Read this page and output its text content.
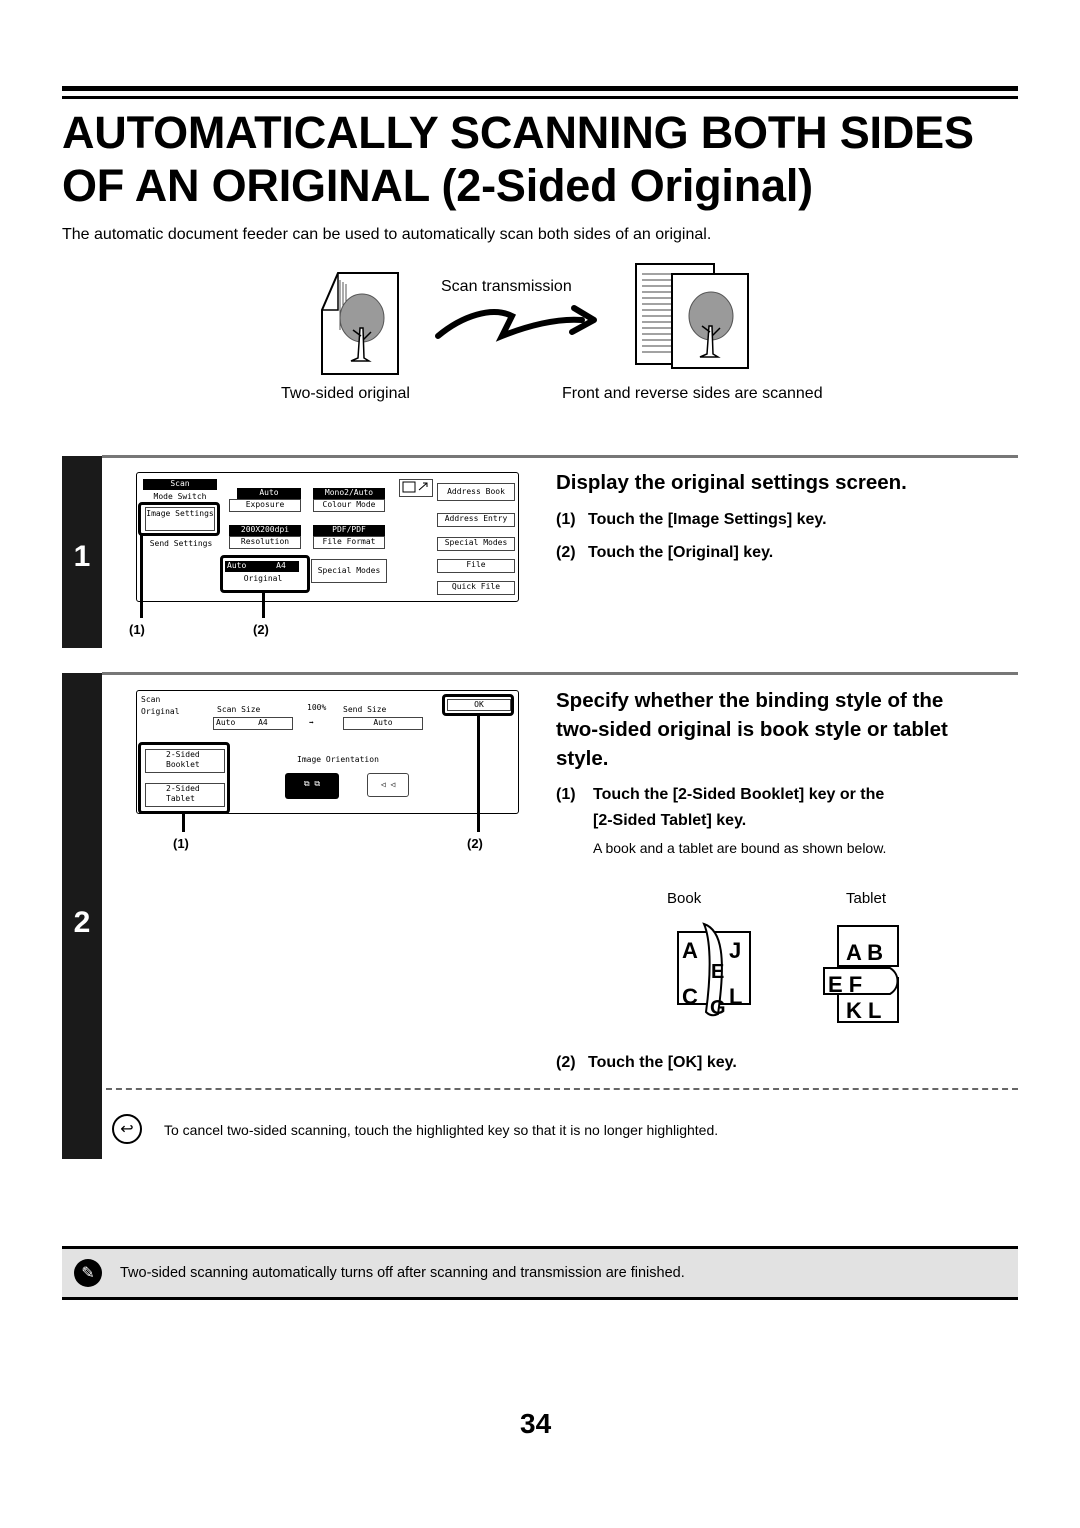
AUTOMATICALLY SCANNING BOTH SIDES
OF AN ORIGINAL (2-Sided Original)
The automatic document feeder can be used to automatically scan both sides of an original.
Scan transmission
Two-sided original	Front and reverse sides are scanned
1
Scan
Mode Switch
Image Settings
Send Settings
Auto
Exposure
Mono2/Auto
Colour Mode
200X200dpi
Resolution
PDF/PDF
File Format
Auto	A4
Original
Special Modes
Address Book
Address Entry
Special Modes
File
Quick File
(1)	(2)
Display the original settings screen.
(1) Touch the [Image Settings] key.
(2) Touch the [Original] key.
2
Scan
Original	Scan Size
Auto	A4
100%
➡
Send Size
Auto
OK
2-Sided Booklet
2-Sided Tablet
Image Orientation
⧉ ⧉	◁ ◁
(1)	(2)
Specify whether the binding style of the
two-sided original is book style or tablet
style.
(1) Touch the [2-Sided Booklet] key or the
[2-Sided Tablet] key.
A book and a tablet are bound as shown below.
Book	Tablet
A J
E
C G L
A B
E F
K L
(2) Touch the [OK] key.
↩	To cancel two-sided scanning, touch the highlighted key so that it is no longer highlighted.
✎	Two-sided scanning automatically turns off after scanning and transmission are finished.
34
